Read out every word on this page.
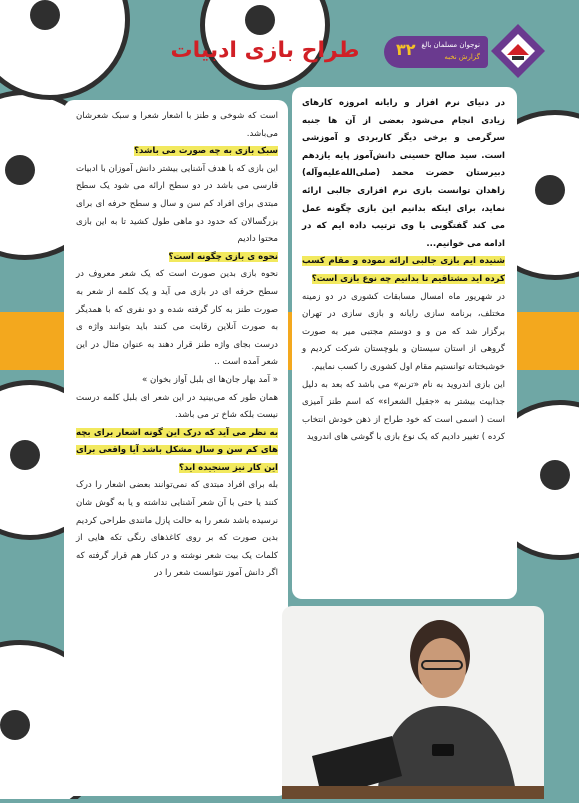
۳۲ نوجوان مسلمان بالغ
گزارش نخبه
طراح بازی ادبیات

در دنیای نرم افزار و رایانه امروزه کارهای زیادی انجام می‌شود بعضی از آن ها جنبه سرگرمی و برخی دیگر کاربردی و آموزشی است. سید صالح حسینی دانش‌آموز پایه یازدهم دبیرستان حضرت محمد (صلی‌الله‌علیه‌وآله) زاهدان توانست بازی نرم افزاری جالبی ارائه نماید، برای اینکه بدانیم این بازی چگونه عمل می کند گفتگویی با وی ترتیب داده ایم که در ادامه می خوانیم...

شنیده ایم بازی جالبی ارائه نموده و مقام کسب کرده اید مشتاقیم تا بدانیم چه نوع بازی است؟

در شهریور ماه امسال مسابقات کشوری در دو زمینه مختلف، برنامه سازی رایانه و بازی سازی در تهران برگزار شد که من و و دوستم مجتبی میر به صورت گروهی از استان سیستان و بلوچستان شرکت کردیم و خوشبختانه توانستیم مقام اول کشوری را کسب نماییم.

این بازی اندروید به نام «ترنم» می باشد که بعد به دلیل جذابیت بیشتر به «جقیل الشعراء» که اسم طنز آمیزی است ( اسمی است که خود طراح از ذهن خودش انتخاب کرده ) تغییر دادیم که یک نوع بازی با گوشی های اندروید

است که شوخی و طنز با اشعار شعرا و سبک شعرشان می‌باشد.

سبک بازی به چه صورت می باشد؟

این بازی که با هدف آشنایی بیشتر دانش آموزان با ادبیات فارسی می باشد در دو سطح ارائه می شود یک سطح مبتدی برای افراد کم سن و سال و سطح حرفه ای برای بزرگسالان که حدود دو ماهی طول کشید تا به این بازی محتوا دادیم

نحوه ی بازی چگونه است؟

نحوه بازی بدین صورت است که یک شعر معروف در سطح حرفه ای در بازی می آید و یک کلمه از شعر به صورت طنز به کار گرفته شده و دو نفری که با همدیگر به صورت آنلاین رقابت می کنند باید بتوانند واژه ی درست بجای واژه طنز قرار دهند به عنوان مثال در این شعر آمده است ..

« آمد بهار جان‌ها ای بلبل آواز بخوان »

همان طور که می‌بینید در این شعر ای بلبل کلمه درست نیست بلکه شاخ تر می باشد.

به نظر می آید که درک این گونه اشعار برای بچه های کم سن و سال مشکل باشد آیا واقعی برای این کار نیز سنجیده اید؟

بله برای افراد مبتدی که نمی‌توانند بعضی اشعار را درک کنند یا حتی با آن شعر آشنایی نداشته و یا به گوش شان نرسیده باشد شعر را به حالت پازل مانندی طراحی کردیم بدین صورت که بر روی کاغذهای رنگی تکه هایی از کلمات یک بیت شعر نوشته و در کنار هم قرار گرفته که اگر دانش آموز نتوانست شعر را در
